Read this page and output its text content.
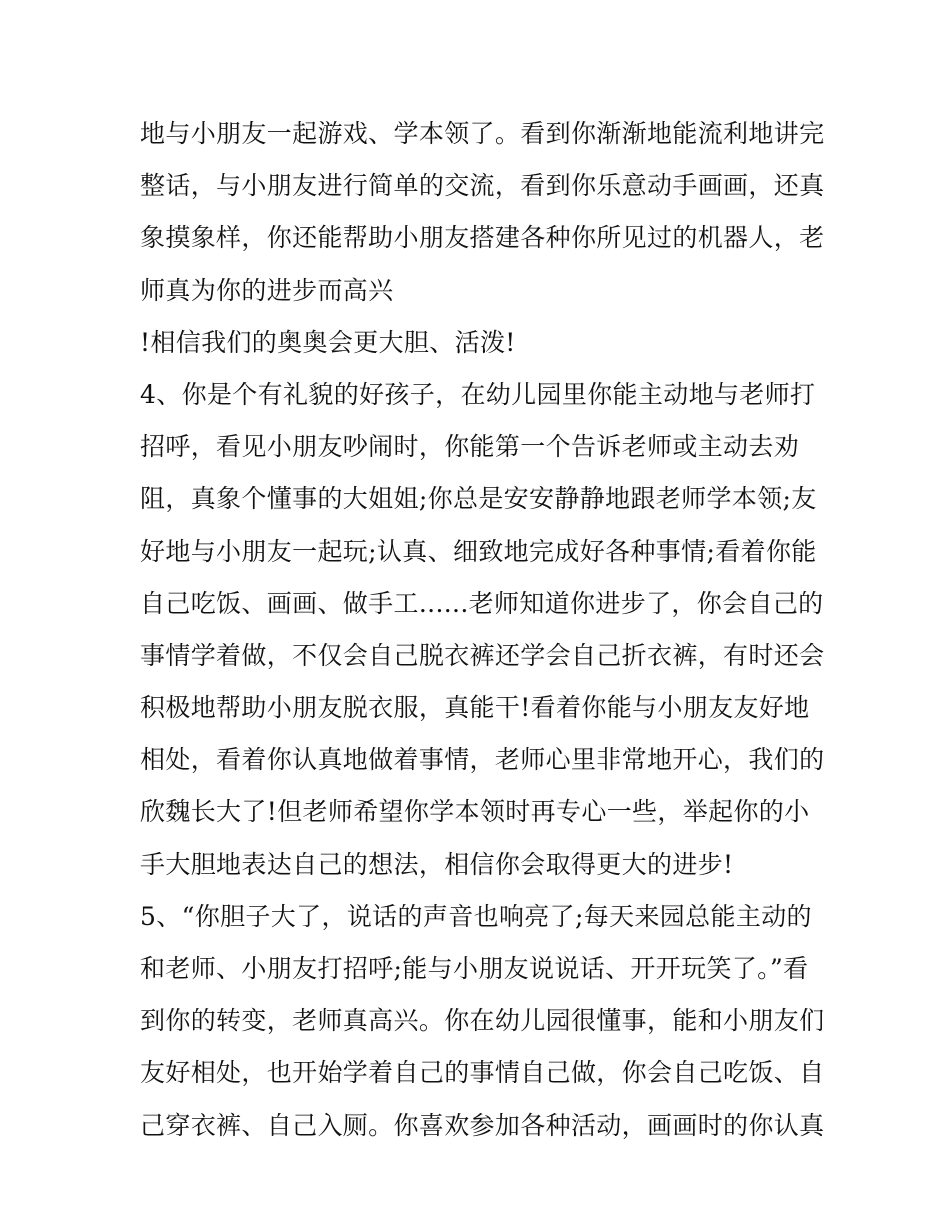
地与小朋友一起游戏、学本领了。看到你渐渐地能流利地讲完
整话，与小朋友进行简单的交流，看到你乐意动手画画，还真
象摸象样，你还能帮助小朋友搭建各种你所见过的机器人，老
师真为你的进步而高兴
!相信我们的奥奥会更大胆、活泼!
4、你是个有礼貌的好孩子，在幼儿园里你能主动地与老师打
招呼，看见小朋友吵闹时，你能第一个告诉老师或主动去劝
阻，真象个懂事的大姐姐;你总是安安静静地跟老师学本领;友
好地与小朋友一起玩;认真、细致地完成好各种事情;看着你能
自己吃饭、画画、做手工......老师知道你进步了，你会自己的
事情学着做，不仅会自己脱衣裤还学会自己折衣裤，有时还会
积极地帮助小朋友脱衣服，真能干!看着你能与小朋友友好地
相处，看着你认真地做着事情，老师心里非常地开心，我们的
欣魏长大了!但老师希望你学本领时再专心一些，举起你的小
手大胆地表达自己的想法，相信你会取得更大的进步!
5、“你胆子大了，说话的声音也响亮了;每天来园总能主动的
和老师、小朋友打招呼;能与小朋友说说话、开开玩笑了。”看
到你的转变，老师真高兴。你在幼儿园很懂事，能和小朋友们
友好相处，也开始学着自己的事情自己做，你会自己吃饭、自
己穿衣裤、自己入厕。你喜欢参加各种活动，画画时的你认真
